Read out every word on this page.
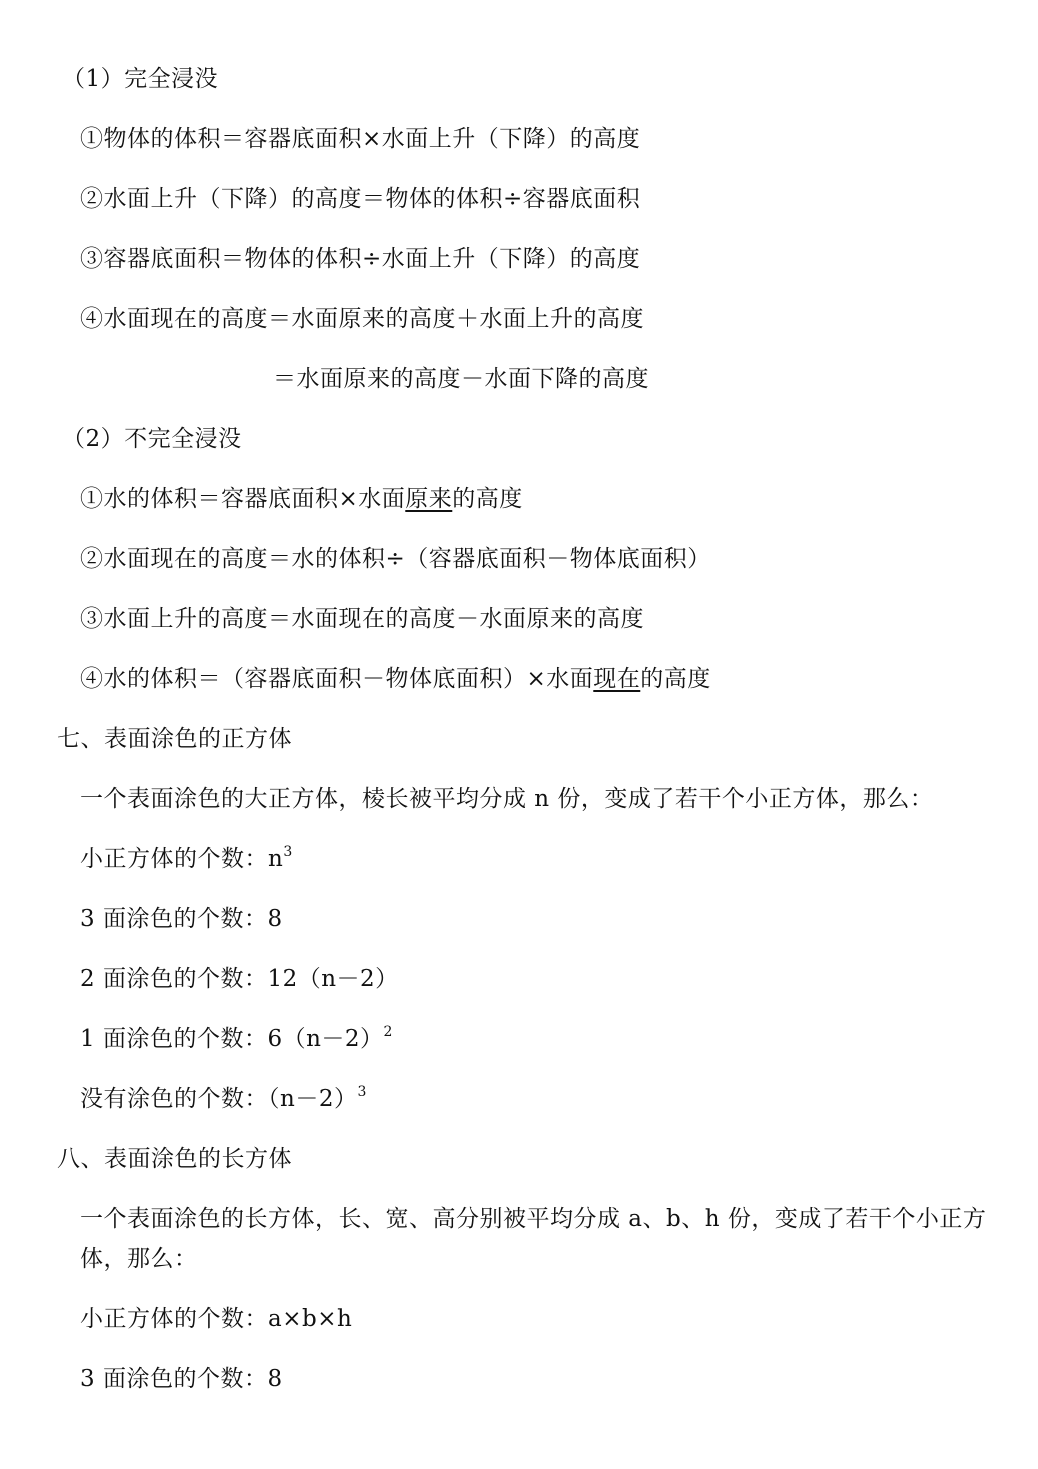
（1）完全浸没
①物体的体积＝容器底面积×水面上升（下降）的高度
②水面上升（下降）的高度＝物体的体积÷容器底面积
③容器底面积＝物体的体积÷水面上升（下降）的高度
④水面现在的高度＝水面原来的高度＋水面上升的高度
＝水面原来的高度－水面下降的高度
（2）不完全浸没
①水的体积＝容器底面积×水面原来的高度
②水面现在的高度＝水的体积÷（容器底面积－物体底面积）
③水面上升的高度＝水面现在的高度－水面原来的高度
④水的体积＝（容器底面积－物体底面积）×水面现在的高度
七、表面涂色的正方体
一个表面涂色的大正方体，棱长被平均分成 n 份，变成了若干个小正方体，那么：
小正方体的个数：$n^3$
3 面涂色的个数：8
2 面涂色的个数：12（n－2）
1 面涂色的个数：$6(n-2)^2$
没有涂色的个数：$(n-2)^3$
八、表面涂色的长方体
一个表面涂色的长方体，长、宽、高分别被平均分成 a、b、h 份，变成了若干个小正方
体，那么：
小正方体的个数：a×b×h
3 面涂色的个数：8
